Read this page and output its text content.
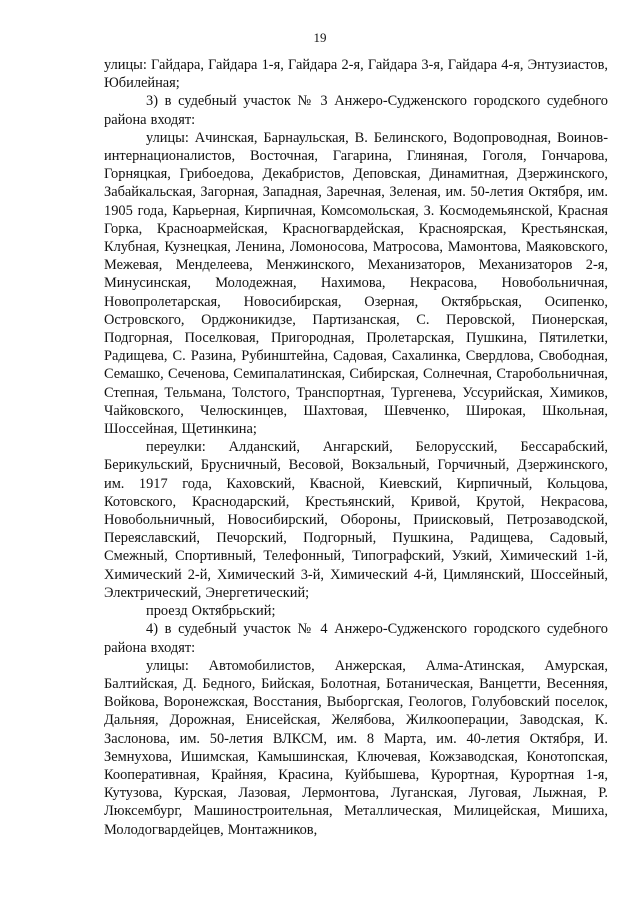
19

улицы: Гайдара, Гайдара 1-я, Гайдара 2-я, Гайдара 3-я, Гайдара 4-я, Энтузиастов, Юбилейная;

3) в судебный участок № 3 Анжеро-Судженского городского судебного района входят:

улицы: Ачинская, Барнаульская, В. Белинского, Водопроводная, Воинов-интернационалистов, Восточная, Гагарина, Глиняная, Гоголя, Гончарова, Горняцкая, Грибоедова, Декабристов, Деповская, Динамитная, Дзержинского, Забайкальская, Загорная, Западная, Заречная, Зеленая, им. 50-летия Октября, им. 1905 года, Карьерная, Кирпичная, Комсомольская, З. Космодемьянской, Красная Горка, Красноармейская, Красногвардейская, Красноярская, Крестьянская, Клубная, Кузнецкая, Ленина, Ломоносова, Матросова, Мамонтова, Маяковского, Межевая, Менделеева, Менжинского, Механизаторов, Механизаторов 2-я, Минусинская, Молодежная, Нахимова, Некрасова, Новобольничная, Новопролетарская, Новосибирская, Озерная, Октябрьская, Осипенко, Островского, Орджоникидзе, Партизанская, С. Перовской, Пионерская, Подгорная, Поселковая, Пригородная, Пролетарская, Пушкина, Пятилетки, Радищева, С. Разина, Рубинштейна, Садовая, Сахалинка, Свердлова, Свободная, Семашко, Сеченова, Семипалатинская, Сибирская, Солнечная, Старобольничная, Степная, Тельмана, Толстого, Транспортная, Тургенева, Уссурийская, Химиков, Чайковского, Челюскинцев, Шахтовая, Шевченко, Широкая, Школьная, Шоссейная, Щетинкина;

переулки: Алданский, Ангарский, Белорусский, Бессарабский, Берикульский, Брусничный, Весовой, Вокзальный, Горчичный, Дзержинского, им. 1917 года, Каховский, Квасной, Киевский, Кирпичный, Кольцова, Котовского, Краснодарский, Крестьянский, Кривой, Крутой, Некрасова, Новобольничный, Новосибирский, Обороны, Приисковый, Петрозаводской, Переяславский, Печорский, Подгорный, Пушкина, Радищева, Садовый, Смежный, Спортивный, Телефонный, Типографский, Узкий, Химический 1-й, Химический 2-й, Химический 3-й, Химический 4-й, Цимлянский, Шоссейный, Электрический, Энергетический;

проезд Октябрьский;

4) в судебный участок № 4 Анжеро-Судженского городского судебного района входят:

улицы: Автомобилистов, Анжерская, Алма-Атинская, Амурская, Балтийская, Д. Бедного, Бийская, Болотная, Ботаническая, Ванцетти, Весенняя, Войкова, Воронежская, Восстания, Выборгская, Геологов, Голубовский поселок, Дальняя, Дорожная, Енисейская, Желябова, Жилкооперации, Заводская, К. Заслонова, им. 50-летия ВЛКСМ, им. 8 Марта, им. 40-летия Октября, И. Земнухова, Ишимская, Камышинская, Ключевая, Кожзаводская, Конотопская, Кооперативная, Крайняя, Красина, Куйбышева, Курортная, Курортная 1-я, Кутузова, Курская, Лазовая, Лермонтова, Луганская, Луговая, Лыжная, Р. Люксембург, Машиностроительная, Металлическая, Милицейская, Мишиха, Молодогвардейцев, Монтажников,
